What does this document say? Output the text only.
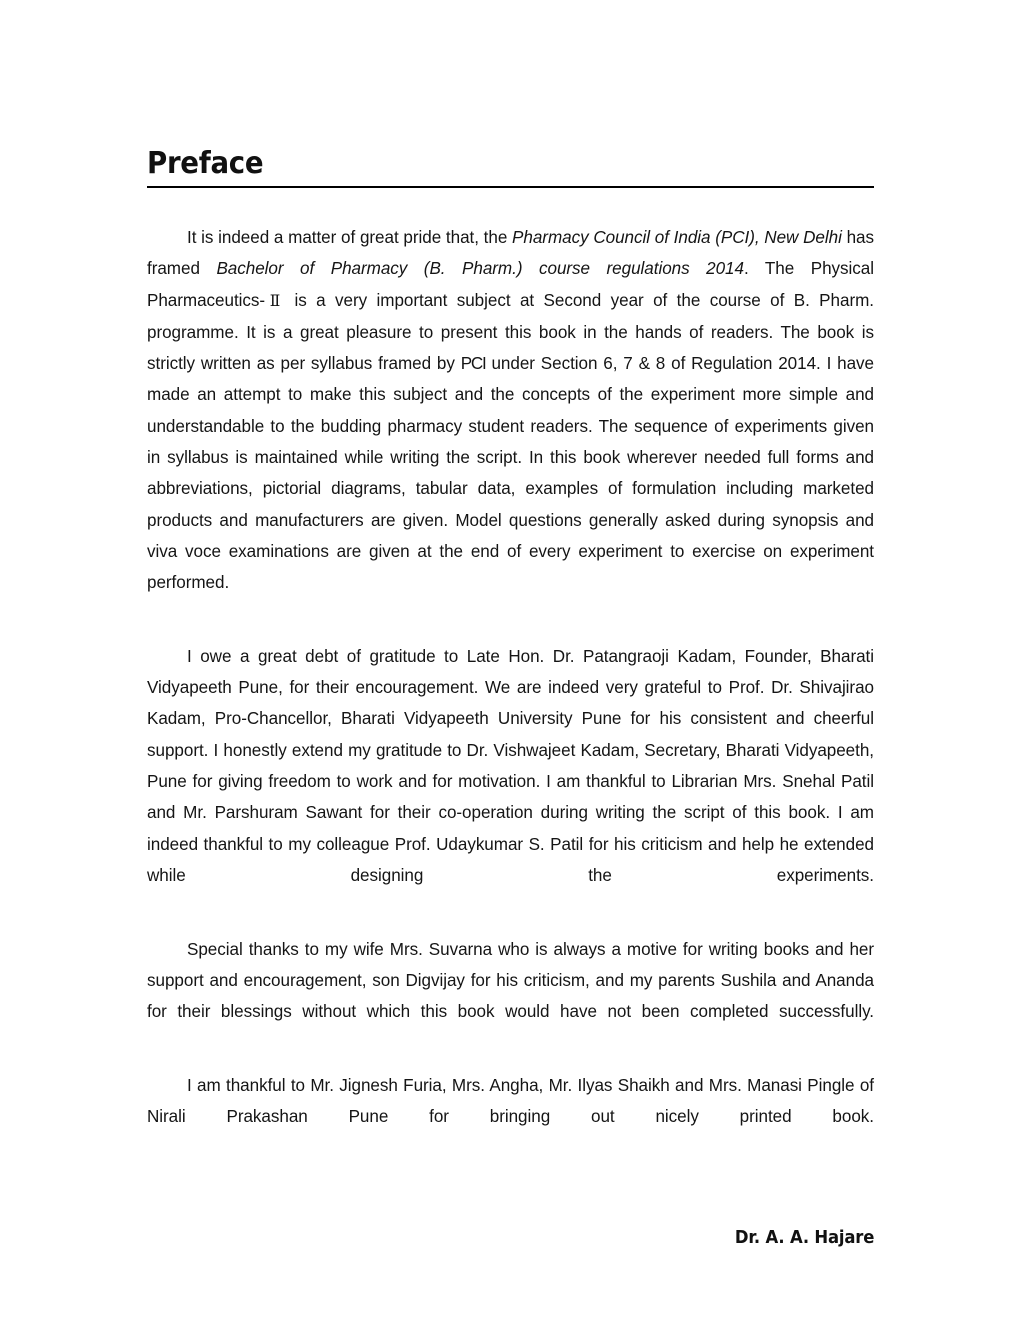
Preface

It is indeed a matter of great pride that, the Pharmacy Council of India (PCI), New Delhi has framed Bachelor of Pharmacy (B. Pharm.) course regulations 2014. The Physical Pharmaceutics-Ⅱ is a very important subject at Second year of the course of B. Pharm. programme. It is a great pleasure to present this book in the hands of readers. The book is strictly written as per syllabus framed by PCI under Section 6, 7 & 8 of Regulation 2014. I have made an attempt to make this subject and the concepts of the experiment more simple and understandable to the budding pharmacy student readers. The sequence of experiments given in syllabus is maintained while writing the script. In this book wherever needed full forms and abbreviations, pictorial diagrams, tabular data, examples of formulation including marketed products and manufacturers are given. Model questions generally asked during synopsis and viva voce examinations are given at the end of every experiment to exercise on experiment performed.

I owe a great debt of gratitude to Late Hon. Dr. Patangraoji Kadam, Founder, Bharati Vidyapeeth Pune, for their encouragement. We are indeed very grateful to Prof. Dr. Shivajirao Kadam, Pro-Chancellor, Bharati Vidyapeeth University Pune for his consistent and cheerful support. I honestly extend my gratitude to Dr. Vishwajeet Kadam, Secretary, Bharati Vidyapeeth, Pune for giving freedom to work and for motivation. I am thankful to Librarian Mrs. Snehal Patil and Mr. Parshuram Sawant for their co-operation during writing the script of this book. I am indeed thankful to my colleague Prof. Udaykumar S. Patil for his criticism and help he extended while designing the experiments.

Special thanks to my wife Mrs. Suvarna who is always a motive for writing books and her support and encouragement, son Digvijay for his criticism, and my parents Sushila and Ananda for their blessings without which this book would have not been completed successfully.

I am thankful to Mr. Jignesh Furia, Mrs. Angha, Mr. Ilyas Shaikh and Mrs. Manasi Pingle of Nirali Prakashan Pune for bringing out nicely printed book.

Dr. A. A. Hajare
